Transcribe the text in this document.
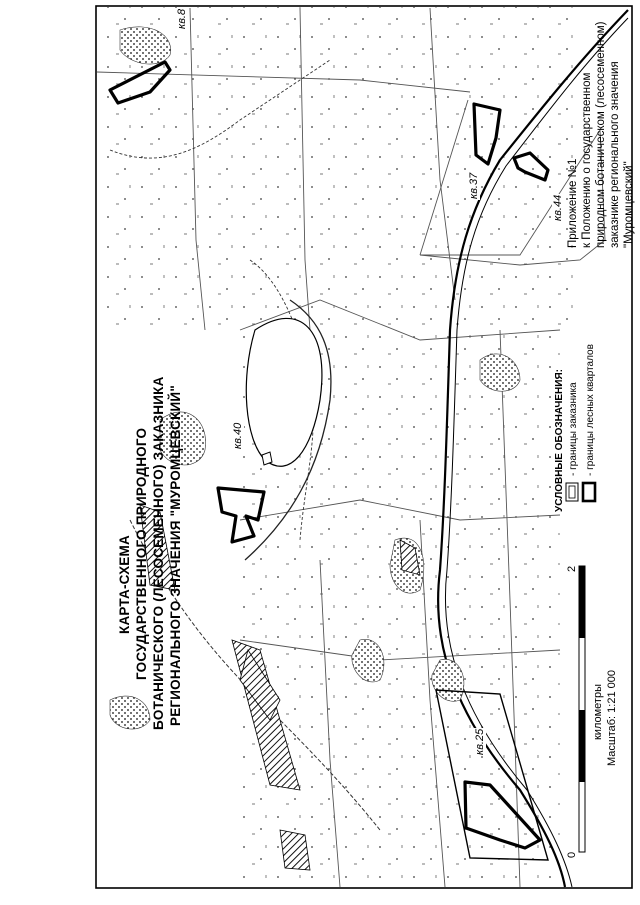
КАРТА-СХЕМА ГОСУДАРСТВЕННОГО ПРИРОДНОГО БОТАНИЧЕСКОГО (ЛЕСОСЕМЕННОГО) ЗАКАЗНИКА РЕГИОНАЛЬНОГО ЗНАЧЕНИЯ "МУРОМЦЕВСКИЙ"
Приложение №1 к Положению о государственном природном ботаническом (лесосеменном) заказнике регионального значения "Муромцевский"
УСЛОВНЫЕ ОБОЗНАЧЕНИЯ: - границы заказника - границы лесных кварталов
0
2
километры Масштаб: 1:21 000
кв.8
кв.37
кв.44
кв.40
кв.25
